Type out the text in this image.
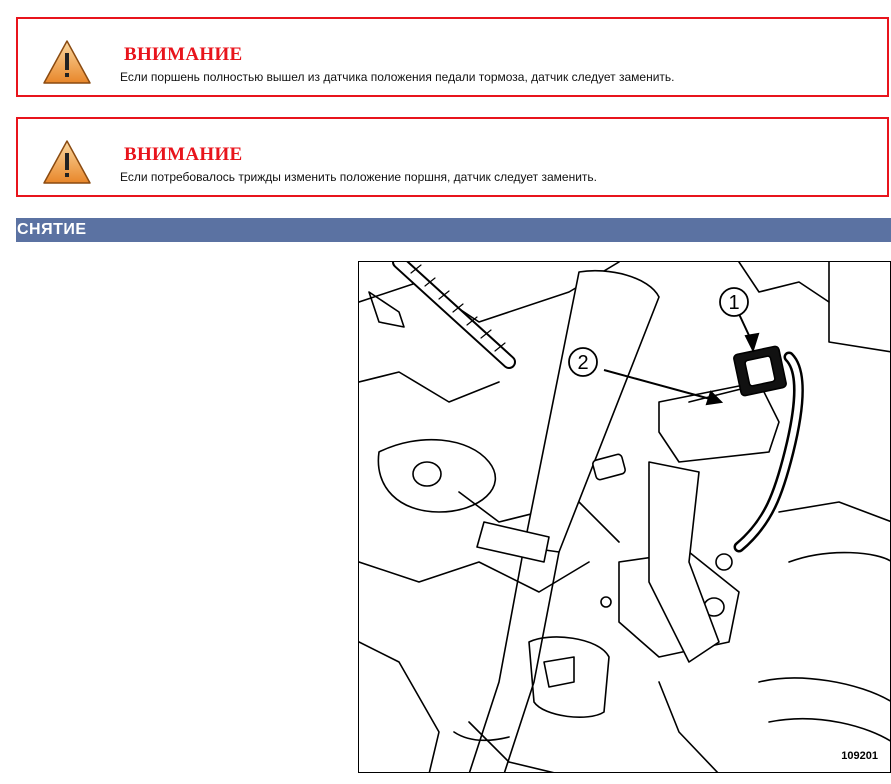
ВНИМАНИЕ
Если поршень полностью вышел из датчика положения педали тормоза, датчик следует заменить.
ВНИМАНИЕ
Если потребовалось трижды изменить положение поршня, датчик следует заменить.
СНЯТИЕ
1
2
109201
